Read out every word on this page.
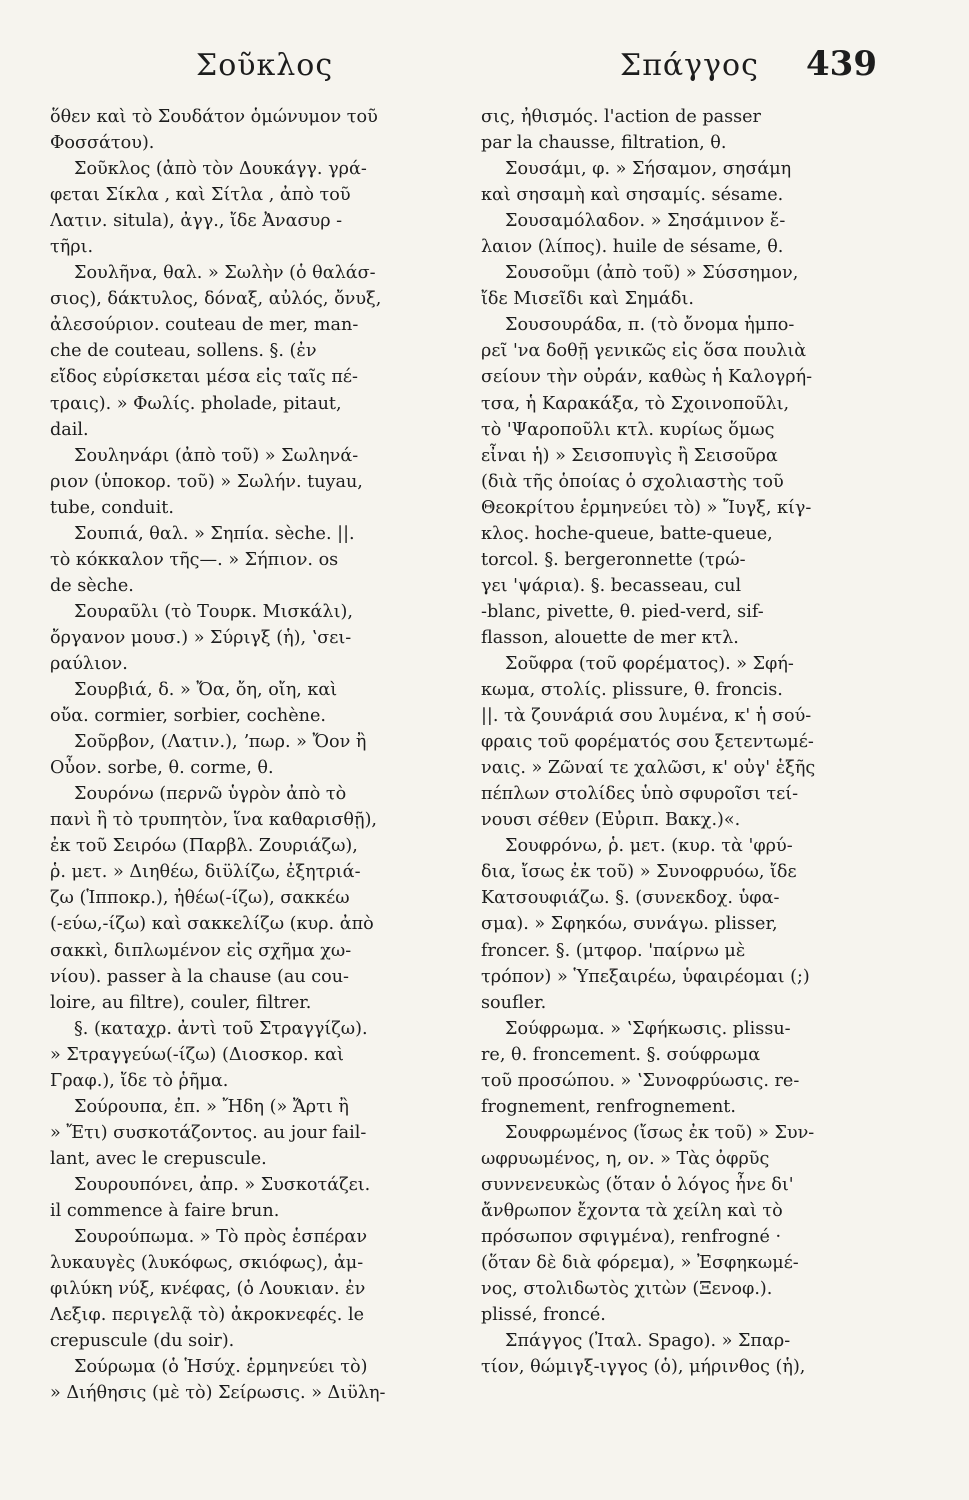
Σοῦκλος	Σπάγγος 439
ὅθεν καὶ τὸ Σουδάτον ὁμώνυμον τοῦ
Φοσσάτου).
Σοῦκλος (ἀπὸ τὸν Δουκάγγ. γρά-
φεται Σίκλα , καὶ Σίτλα , ἀπὸ τοῦ
Λατιν. situla), ἀγγ., ἴδε Ἀνασυρ -
τῆρι.
Σουλῆνα, θαλ. » Σωλὴν (ὁ θαλάσ-
σιος), δάκτυλος, δόναξ, αὐλός, ὄνυξ,
ἀλεσούριον. couteau de mer, man-
che de couteau, sollens. §. (ἐν
εἴδος εὑρίσκεται μέσα εἰς ταῖς πέ-
τραις). » Φωλίς. pholade, pitaut,
dail.
Σουληνάρι (ἀπὸ τοῦ) » Σωληνά-
ριον (ὑποκορ. τοῦ) » Σωλήν. tuyau,
tube, conduit.
Σουπιά, θαλ. » Σηπία. sèche. ||.
τὸ κόκκαλον τῆς—. » Σήπιον. os
de sèche.
Σουραῦλι (τὸ Τουρκ. Μισκάλι),
ὄργανον μουσ.) » Σύριγξ (ἡ), ʽσει-
ραύλιον.
Σουρβιά, δ. » Ὄα, ὄη, οἴη, καὶ
οὔα. cormier, sorbier, cochène.
Σοῦρβον, (Λατιν.), ʼπωρ. » Ὄον ἢ
Οὖον. sorbe, θ. corme, θ.
Σουρόνω (περνῶ ὑγρὸν ἀπὸ τὸ
πανὶ ἢ τὸ τρυπητὸν, ἵνα καθαρισθῇ),
ἐκ τοῦ Σειρόω (Παρβλ. Ζουριάζω),
ῥ. μετ. » Διηθέω, διϋλίζω, ἐξητριά-
ζω (Ἱπποκρ.), ἠθέω(-ίζω), σακκέω
(-εύω,-ίζω) καὶ σακκελίζω (κυρ. ἀπὸ
σακκὶ, διπλωμένον εἰς σχῆμα χω-
νίου). passer à la chause (au cou-
loire, au filtre), couler, filtrer.
§. (καταχρ. ἀντὶ τοῦ Στραγγίζω).
» Στραγγεύω(-ίζω) (Διοσκορ. καὶ
Γραφ.), ἴδε τὸ ῥῆμα.
Σούρουπα, ἐπ. » Ἤδη (» Ἄρτι ἢ
» Ἔτι) συσκοτάζοντος. au jour fail-
lant, avec le crepuscule.
Σουρουπόνει, ἀπρ. » Συσκοτάζει.
il commence à faire brun.
Σουρούπωμα. » Τὸ πρὸς ἑσπέραν
λυκαυγὲς (λυκόφως, σκιόφως), ἀμ-
φιλύκη νύξ, κνέφας, (ὁ Λουκιαν. ἐν
Λεξιφ. περιγελᾷ τὸ) ἀκροκνεφές. le
crepuscule (du soir).
Σούρωμα (ὁ Ἡσύχ. ἑρμηνεύει τὸ)
» Διήθησις (μὲ τὸ) Σείρωσις. » Διϋλη-
σις, ἠθισμός. l'action de passer
par la chausse, filtration, θ.
Σουσάμι, φ. » Σήσαμον, σησάμη
καὶ σησαμὴ καὶ σησαμίς. sésame.
Σουσαμόλαδον. » Σησάμινον ἔ-
λαιον (λίπος). huile de sésame, θ.
Σουσοῦμι (ἀπὸ τοῦ) » Σύσσημον,
ἴδε Μισεῖδι καὶ Σημάδι.
Σουσουράδα, π. (τὸ ὄνομα ἡμπο-
ρεῖ 'να δοθῇ γενικῶς εἰς ὅσα πουλιὰ
σείουν τὴν οὐράν, καθὼς ἡ Καλογρή-
τσα, ἡ Καρακάξα, τὸ Σχοινοποῦλι,
τὸ 'Ψαροποῦλι κτλ. κυρίως ὅμως
εἶναι ἡ) » Σεισοπυγὶς ἢ Σεισοῦρα
(διὰ τῆς ὁποίας ὁ σχολιαστὴς τοῦ
Θεοκρίτου ἑρμηνεύει τὸ) » Ἴυγξ, κίγ-
κλος. hoche-queue, batte-queue,
torcol. §. bergeronnette (τρώ-
γει 'ψάρια). §. becasseau, cul
-blanc, pivette, θ. pied-verd, sif-
flasson, alouette de mer κτλ.
Σοῦφρα (τοῦ φορέματος). » Σφή-
κωμα, στολίς. plissure, θ. froncis.
||. τὰ ζουνάριά σου λυμένα, κ' ἡ σού-
φραις τοῦ φορέματός σου ξετεντωμέ-
ναις. » Ζῶναί τε χαλῶσι, κ' οὐγ' ἑξῆς
πέπλων στολίδες ὑπὸ σφυροῖσι τεί-
νουσι σέθεν (Εὐριπ. Βακχ.)«.
Σουφρόνω, ῥ. μετ. (κυρ. τὰ 'φρύ-
δια, ἴσως ἐκ τοῦ) » Συνοφρυόω, ἴδε
Κατσουφιάζω. §. (συνεκδοχ. ὑφα-
σμα). » Σφηκόω, συνάγω. plisser,
froncer. §. (μτφορ. 'παίρνω μὲ
τρόπον) » Ὑπεξαιρέω, ὑφαιρέομαι (;)
soufler.
Σούφρωμα. » ʽΣφήκωσις. plissu-
re, θ. froncement. §. σούφρωμα
τοῦ προσώπου. » ʽΣυνοφρύωσις. re-
frognement, renfrognement.
Σουφρωμένος (ἴσως ἐκ τοῦ) » Συν-
ωφρυωμένος, η, ον. » Τὰς ὀφρῦς
συννενευκὼς (ὅταν ὁ λόγος ἦνε δι'
ἄνθρωπον ἔχοντα τὰ χείλη καὶ τὸ
πρόσωπον σφιγμένα), renfrogné ·
(ὅταν δὲ διὰ φόρεμα), » Ἐσφηκωμέ-
νος, στολιδωτὸς χιτὼν (Ξενοφ.).
plissé, froncé.
Σπάγγος (Ἰταλ. Spago). » Σπαρ-
τίον, θώμιγξ-ιγγος (ὁ), μήρινθος (ἡ),
